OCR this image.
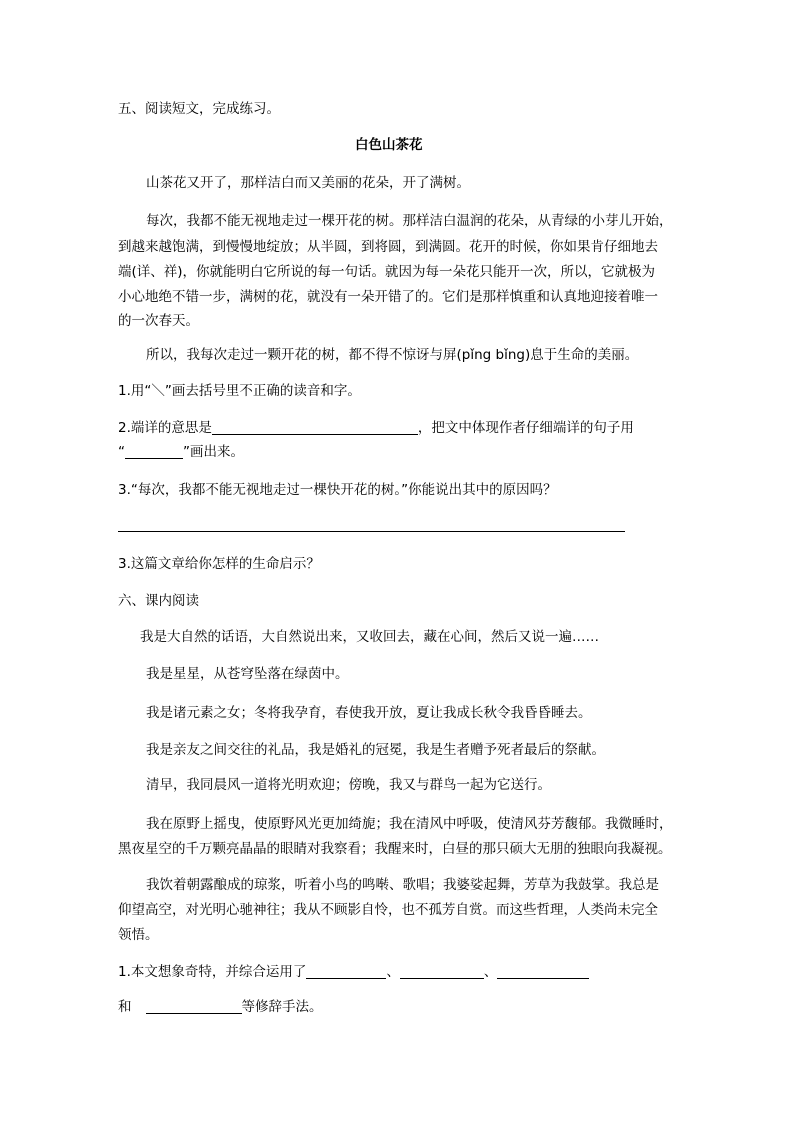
五、阅读短文，完成练习。
白色山茶花
山茶花又开了，那样洁白而又美丽的花朵，开了满树。
每次，我都不能无视地走过一棵开花的树。那样洁白温润的花朵，从青绿的小芽儿开始，
到越来越饱满，到慢慢地绽放；从半圆，到将圆，到满圆。花开的时候，你如果肯仔细地去
端(详、祥)，你就能明白它所说的每一句话。就因为每一朵花只能开一次，所以，它就极为
小心地绝不错一步，满树的花，就没有一朵开错了的。它们是那样慎重和认真地迎接着唯一
的一次春天。
所以，我每次走过一颗开花的树，都不得不惊讶与屏(pǐng bǐng)息于生命的美丽。
1.用“＼”画去括号里不正确的读音和字。
2.端详的意思是	，把文中体现作者仔细端详的句子用
“	”画出来。
3.“每次，我都不能无视地走过一棵快开花的树。”你能说出其中的原因吗？
3.这篇文章给你怎样的生命启示？
六、课内阅读
我是大自然的话语，大自然说出来，又收回去，藏在心间，然后又说一遍……
我是星星，从苍穹坠落在绿茵中。
我是诸元素之女；冬将我孕育，春使我开放，夏让我成长秋令我昏昏睡去。
我是亲友之间交往的礼品，我是婚礼的冠冕，我是生者赠予死者最后的祭献。
清早，我同晨风一道将光明欢迎；傍晚，我又与群鸟一起为它送行。
我在原野上摇曳，使原野风光更加绮旎；我在清风中呼吸，使清风芬芳馥郁。我微睡时，
黑夜星空的千万颗亮晶晶的眼睛对我察看；我醒来时，白昼的那只硕大无朋的独眼向我凝视。
我饮着朝露酿成的琼浆，听着小鸟的鸣啭、歌唱；我婆娑起舞，芳草为我鼓掌。我总是
仰望高空，对光明心驰神往；我从不顾影自怜，也不孤芳自赏。而这些哲理，人类尚未完全
领悟。
1.本文想象奇特，并综合运用了	、	、
和	等修辞手法。
